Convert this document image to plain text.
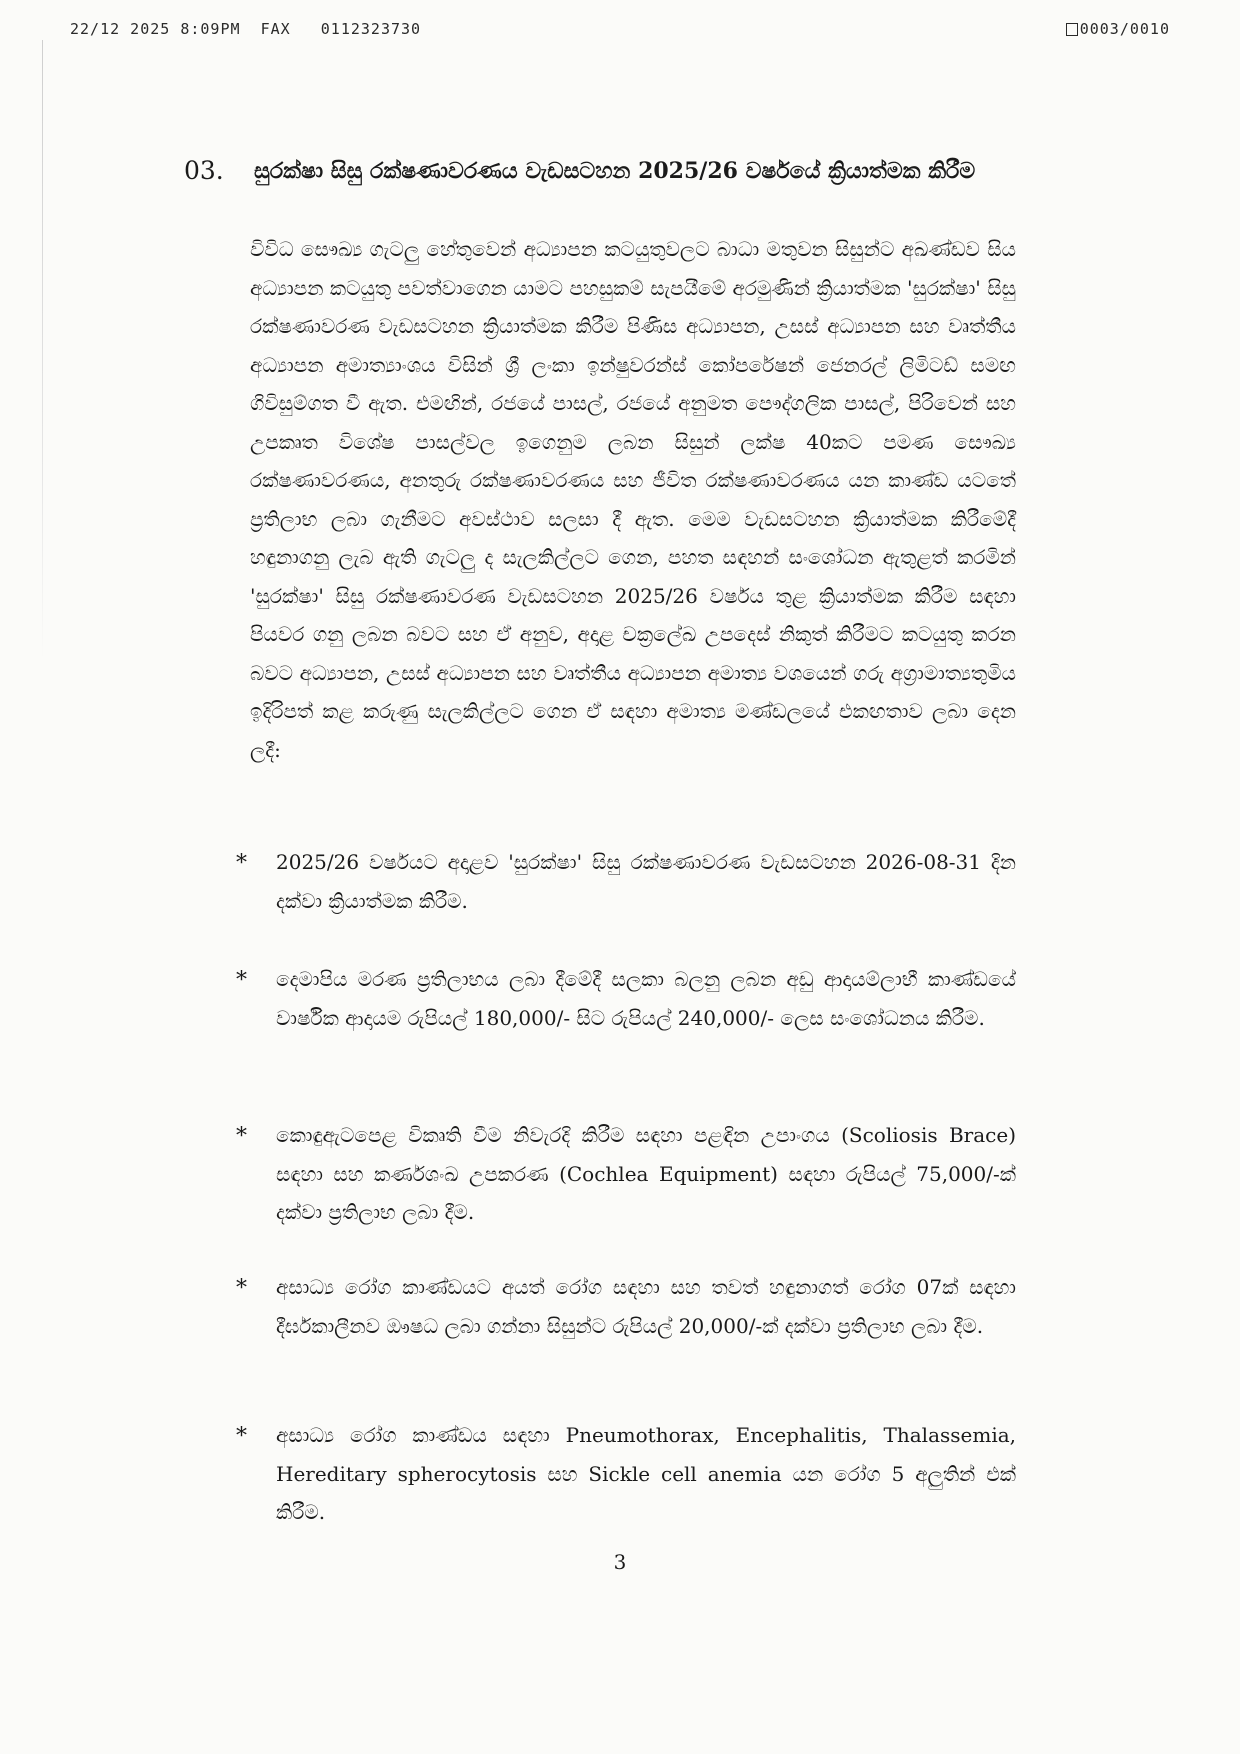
22/12 2025 8:09PM FAX 0112323730	0003/0010
03. සුරක්ෂා සිසු රක්ෂණාවරණය වැඩසටහන 2025/26 වර්ෂයේ ක්‍රියාත්මක කිරීම

විවිධ සෞඛ්‍ය ගැටලු හේතුවෙන් අධ්‍යාපන කටයුතුවලට බාධා මතුවන සිසුන්ට අඛණ්ඩව සිය අධ්‍යාපන කටයුතු පවත්වාගෙන යාමට පහසුකම් සැපයීමේ අරමුණින් ක්‍රියාත්මක 'සුරක්ෂා' සිසු රක්ෂණාවරණ වැඩසටහන ක්‍රියාත්මක කිරීම පිණිස අධ්‍යාපන, උසස් අධ්‍යාපන සහ වෘත්තීය අධ්‍යාපන අමාත්‍යාංශය විසින් ශ්‍රී ලංකා ඉන්ෂුවරන්ස් කෝපරේෂන් ජෙනරල් ලිමිටඩ් සමඟ ගිවිසුම්ගත වී ඇත. එමඟින්, රජයේ පාසල්, රජයේ අනුමත පෞද්ගලික පාසල්, පිරිවෙන් සහ උපකෘත විශේෂ පාසල්වල ඉගෙනුම ලබන සිසුන් ලක්ෂ 40කට පමණ සෞඛ්‍ය රක්ෂණාවරණය, අනතුරු රක්ෂණාවරණය සහ ජීවිත රක්ෂණාවරණය යන කාණ්ඩ යටතේ ප්‍රතිලාභ ලබා ගැනීමට අවස්ථාව සලසා දී ඇත. මෙම වැඩසටහන ක්‍රියාත්මක කිරීමේදී හඳුනාගනු ලැබ ඇති ගැටලු ද සැලකිල්ලට ගෙන, පහත සඳහන් සංශෝධන ඇතුළත් කරමින් 'සුරක්ෂා' සිසු රක්ෂණාවරණ වැඩසටහන 2025/26 වර්ෂය තුළ ක්‍රියාත්මක කිරීම සඳහා පියවර ගනු ලබන බවට සහ ඒ අනුව, අදාළ චක්‍රලේඛ උපදෙස් නිකුත් කිරීමට කටයුතු කරන බවට අධ්‍යාපන, උසස් අධ්‍යාපන සහ වෘත්තීය අධ්‍යාපන අමාත්‍ය වශයෙන් ගරු අග්‍රාමාත්‍යතුමිය ඉදිරිපත් කළ කරුණු සැලකිල්ලට ගෙන ඒ සඳහා අමාත්‍ය මණ්ඩලයේ එකඟතාව ලබා දෙන ලදී:

* 2025/26 වර්ෂයට අදාළව 'සුරක්ෂා' සිසු රක්ෂණාවරණ වැඩසටහන 2026-08-31 දින දක්වා ක්‍රියාත්මක කිරීම.
* දෙමාපිය මරණ ප්‍රතිලාභය ලබා දීමේදී සලකා බලනු ලබන අඩු ආදායම්ලාභී කාණ්ඩයේ වාර්ෂික ආදායම රුපියල් 180,000/- සිට රුපියල් 240,000/- ලෙස සංශෝධනය කිරීම.
* කොඳුඇටපෙළ විකෘති වීම නිවැරදි කිරීම සඳහා පළඳින උපාංගය (Scoliosis Brace) සඳහා සහ කර්ණශංඛ උපකරණ (Cochlea Equipment) සඳහා රුපියල් 75,000/-ක් දක්වා ප්‍රතිලාභ ලබා දීම.
* අසාධ්‍ය රෝග කාණ්ඩයට අයත් රෝග සඳහා සහ තවත් හඳුනාගත් රෝග 07ක් සඳහා දීර්ඝකාලීනව ඖෂධ ලබා ගන්නා සිසුන්ට රුපියල් 20,000/-ක් දක්වා ප්‍රතිලාභ ලබා දීම.
* අසාධ්‍ය රෝග කාණ්ඩය සඳහා Pneumothorax, Encephalitis, Thalassemia, Hereditary spherocytosis සහ Sickle cell anemia යන රෝග 5 අලුතින් එක් කිරීම.
3
